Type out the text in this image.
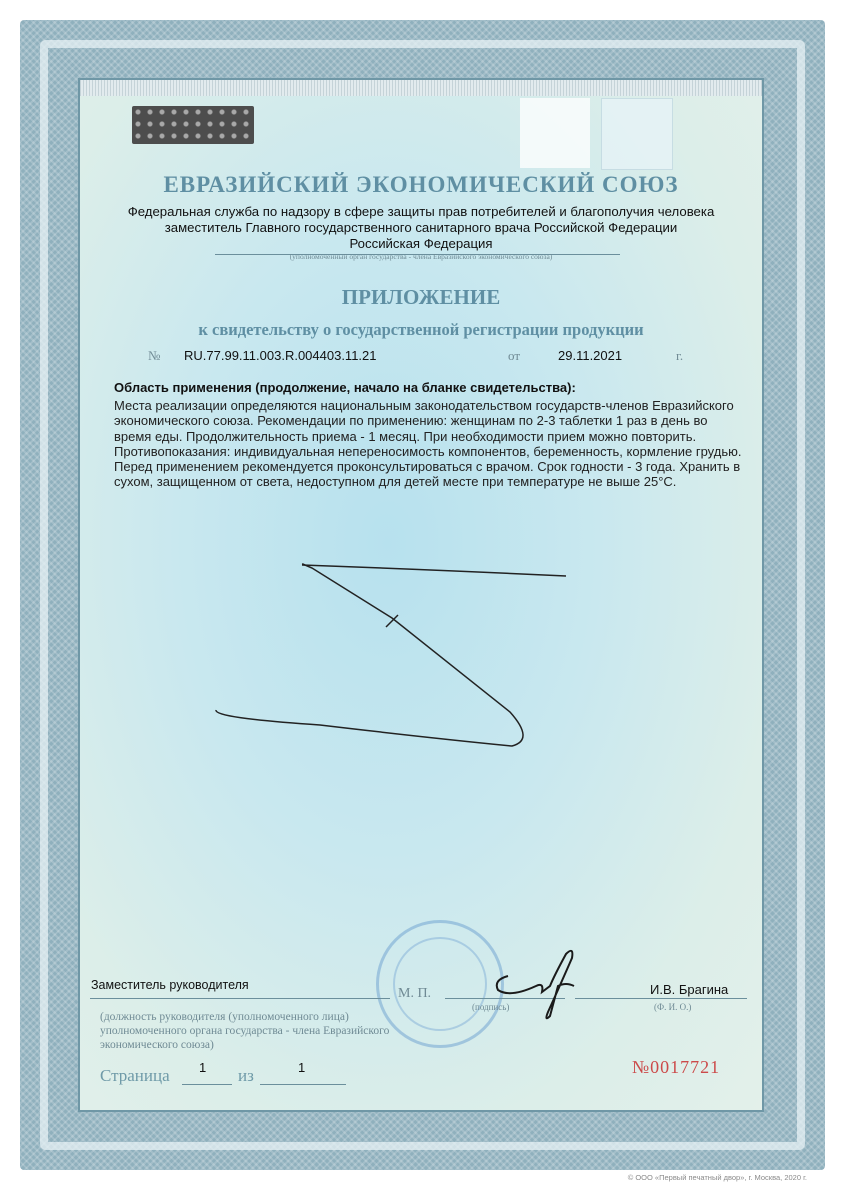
ЕВРАЗИЙСКИЙ ЭКОНОМИЧЕСКИЙ СОЮЗ
Федеральная служба по надзору в сфере защиты прав потребителей и благополучия человека
заместитель Главного государственного санитарного врача Российской Федерации
Российская Федерация
(уполномоченный орган государства - члена Евразийского экономического союза)
ПРИЛОЖЕНИЕ
к свидетельству о государственной регистрации продукции
№ RU.77.99.11.003.R.004403.11.21	от	29.11.2021	г.
Область применения (продолжение, начало на бланке свидетельства):
Места реализации определяются национальным законодательством государств-членов Евразийского экономического союза. Рекомендации по применению: женщинам по 2-3 таблетки 1 раз в день во время еды. Продолжительность приема - 1 месяц. При необходимости прием можно повторить. Противопоказания: индивидуальная непереносимость компонентов, беременность, кормление грудью. Перед применением рекомендуется проконсультироваться с врачом. Срок годности - 3 года. Хранить в сухом, защищенном от света, недоступном для детей месте при температуре не выше 25°С.
Заместитель руководителя
М. П.	И.В. Брагина
(подпись)	(Ф. И. О.)
(должность руководителя (уполномоченного лица) уполномоченного органа государства - члена Евразийского экономического союза)
Страница 1 из	1	№0017721
© ООО «Первый печатный двор», г. Москва, 2020 г.
